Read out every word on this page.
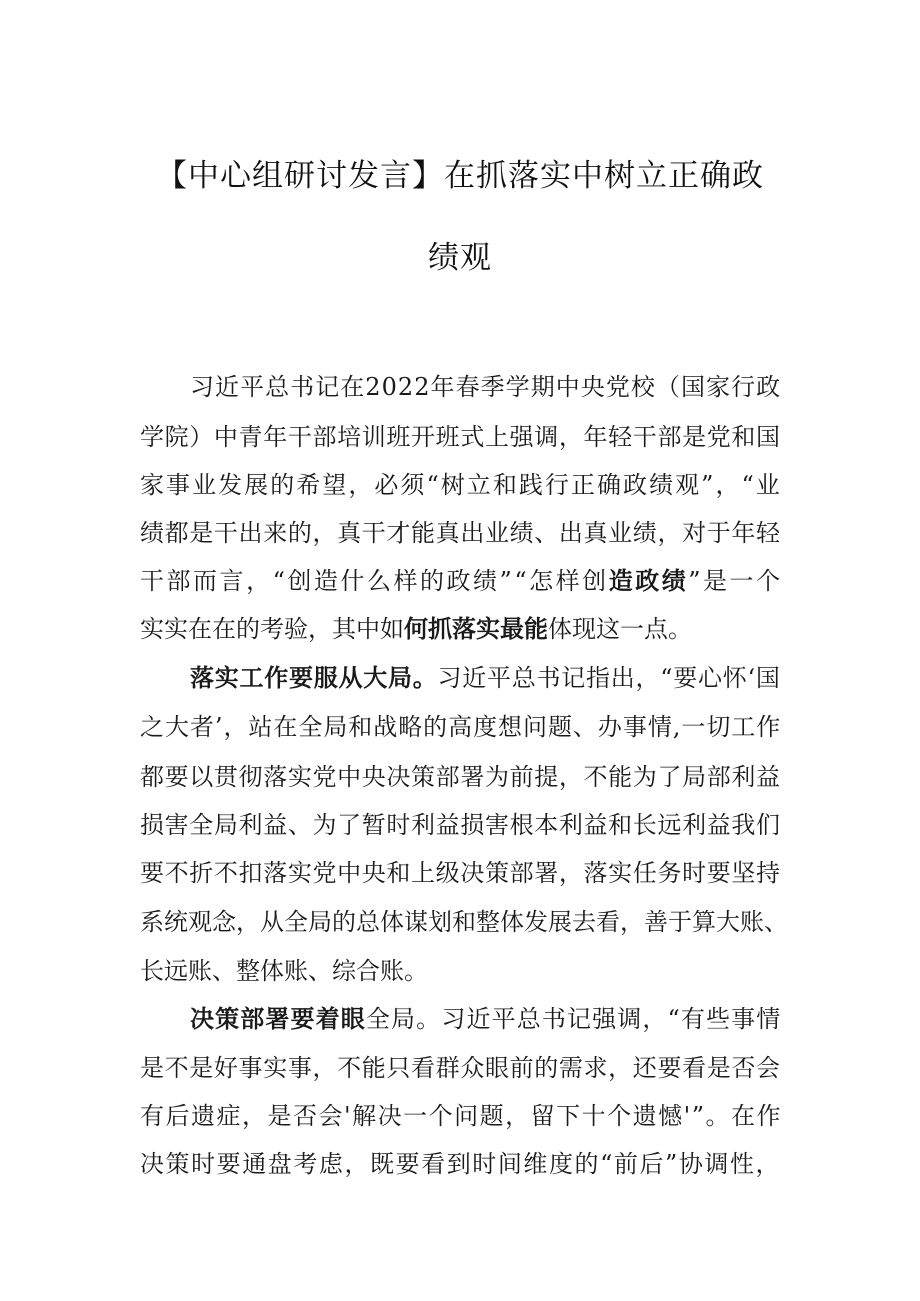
【中心组研讨发言】在抓落实中树立正确政
绩观
习近平总书记在2022年春季学期中央党校（国家行政
学院）中青年干部培训班开班式上强调，年轻干部是党和国
家事业发展的希望，必须“树立和践行正确政绩观”，“业
绩都是干出来的，真干才能真出业绩、出真业绩，对于年轻
干部而言，“创造什么样的政绩”“怎样创造政绩”是一个
实实在在的考验，其中如何抓落实最能体现这一点。
落实工作要服从大局。习近平总书记指出，“要心怀‘国
之大者’，站在全局和战略的高度想问题、办事情,一切工作
都要以贯彻落实党中央决策部署为前提，不能为了局部利益
损害全局利益、为了暂时利益损害根本利益和长远利益我们
要不折不扣落实党中央和上级决策部署，落实任务时要坚持
系统观念，从全局的总体谋划和整体发展去看，善于算大账、
长远账、整体账、综合账。
决策部署要着眼全局。习近平总书记强调，“有些事情
是不是好事实事，不能只看群众眼前的需求，还要看是否会
有后遗症，是否会'解决一个问题，留下十个遗憾'”。在作
决策时要通盘考虑，既要看到时间维度的“前后”协调性，
